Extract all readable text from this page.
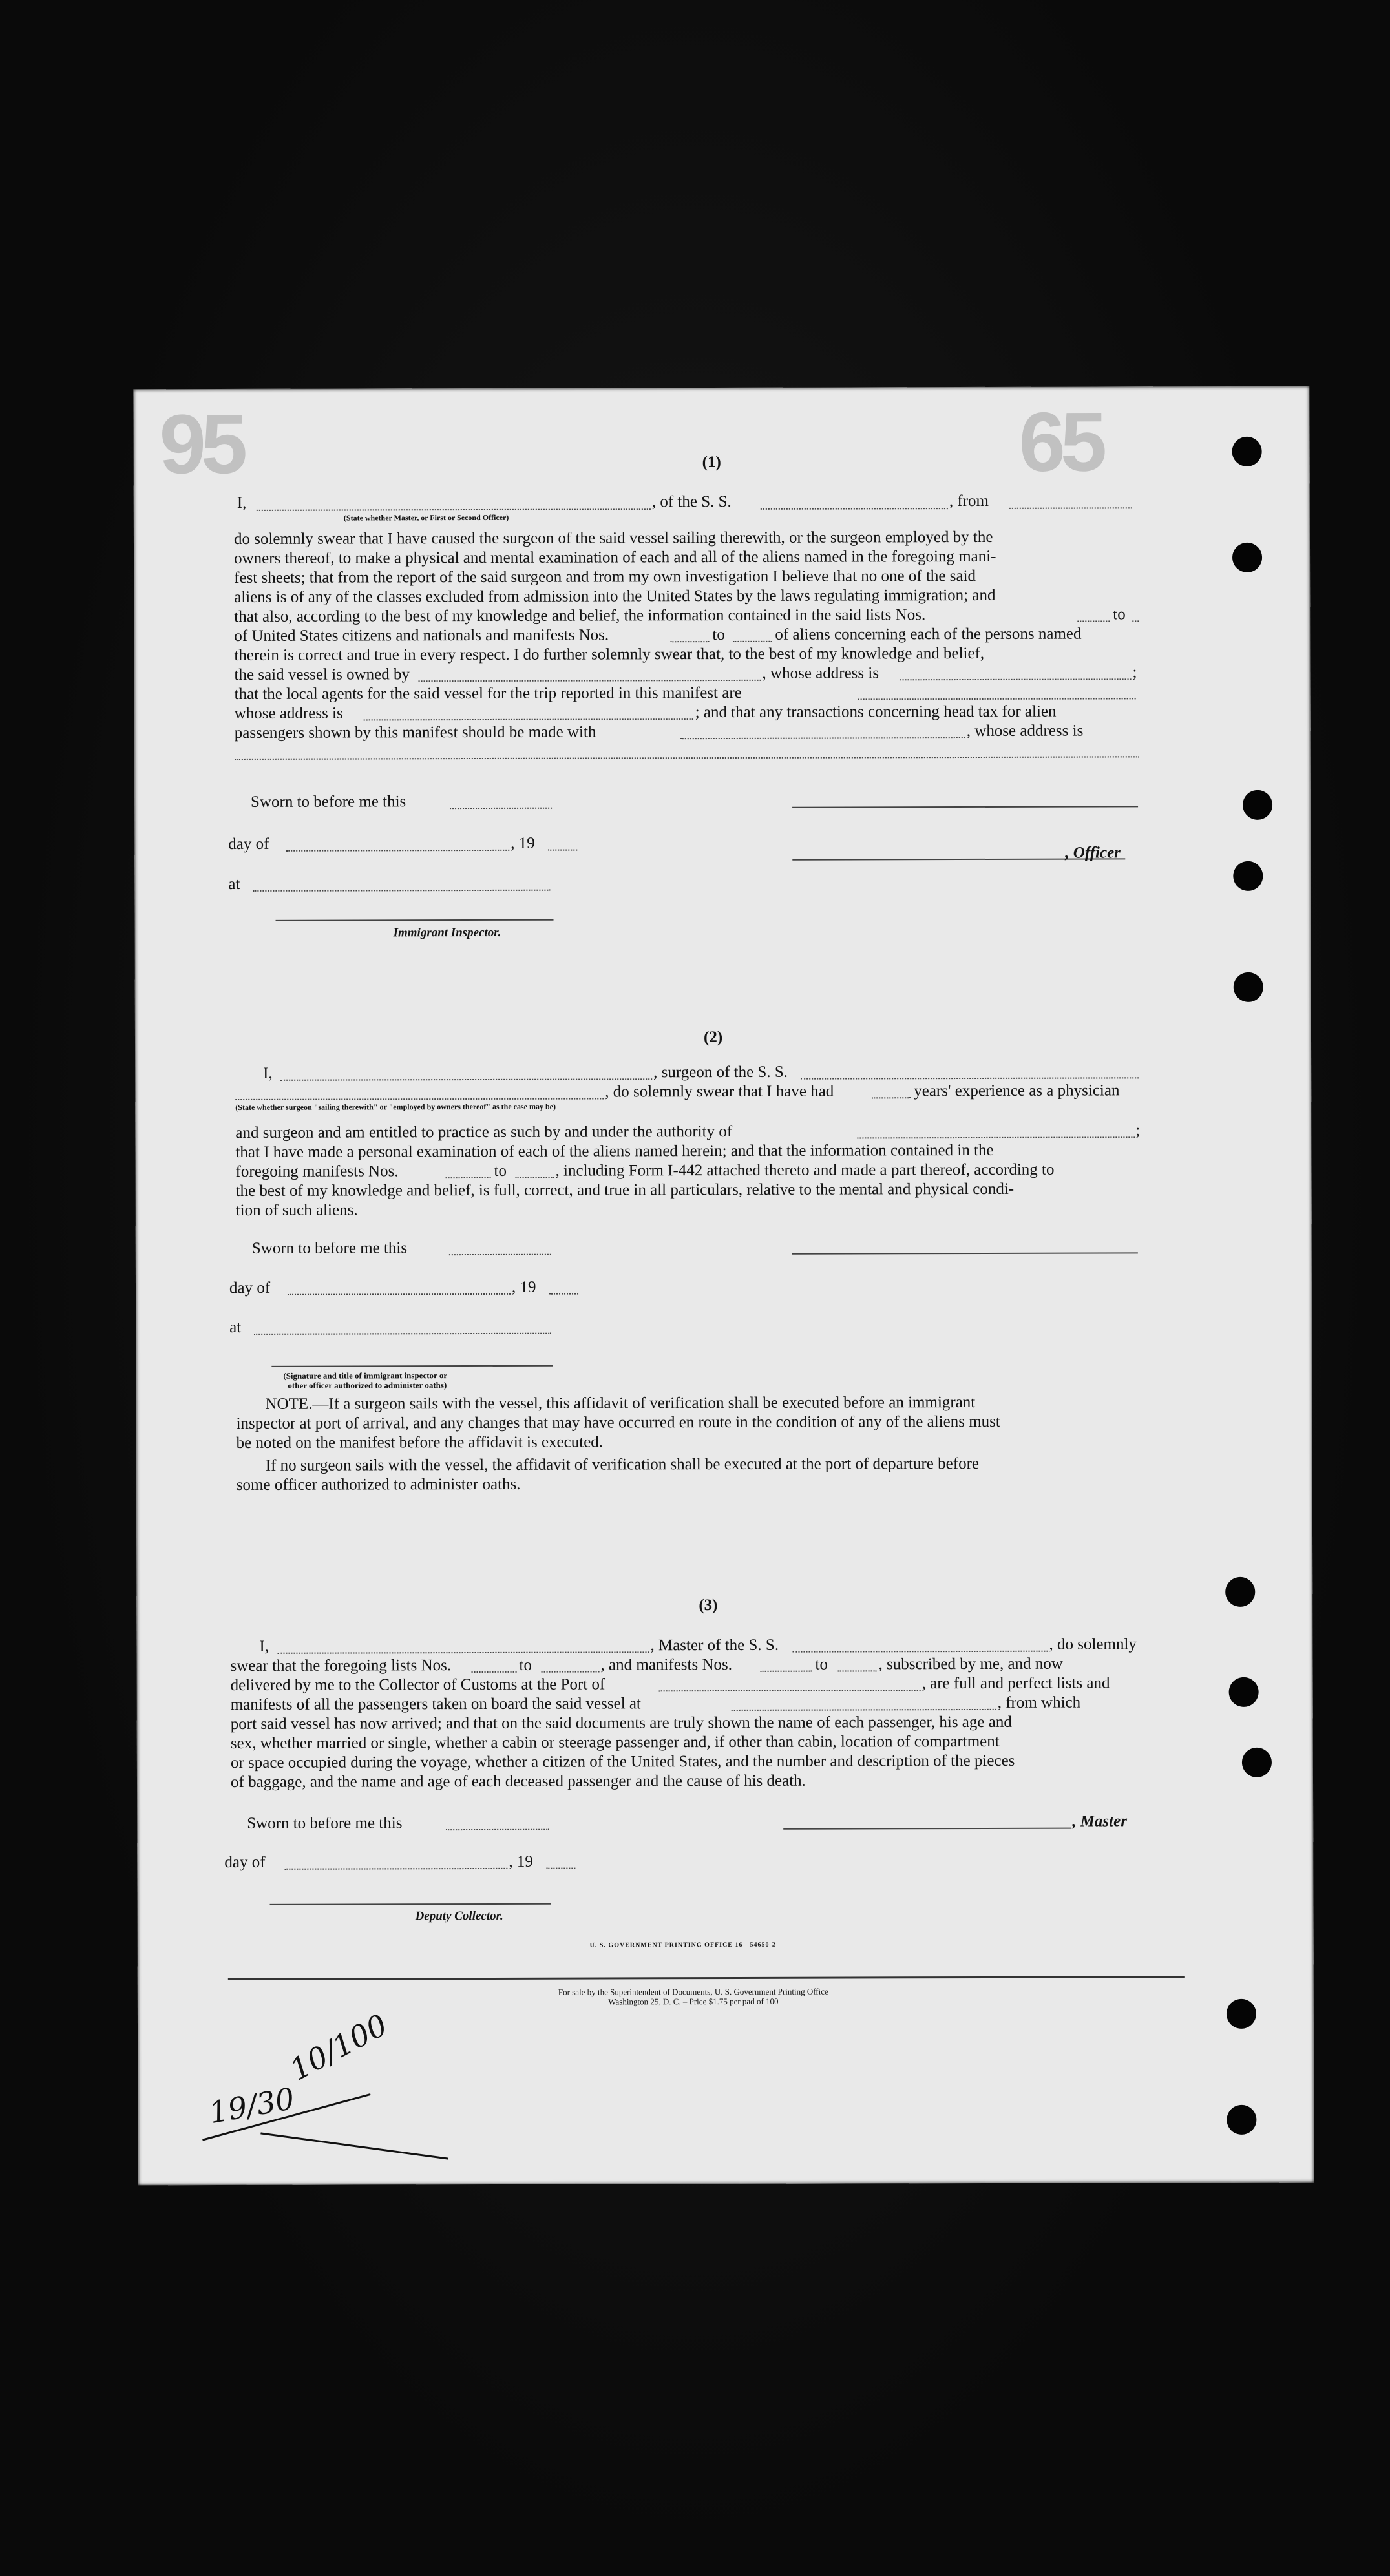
95	65
(1)
I,	, of the S. S.	, from
(State whether Master, or First or Second Officer)
do solemnly swear that I have caused the surgeon of the said vessel sailing therewith, or the surgeon employed by the
owners thereof, to make a physical and mental examination of each and all of the aliens named in the foregoing mani-
fest sheets; that from the report of the said surgeon and from my own investigation I believe that no one of the said
aliens is of any of the classes excluded from admission into the United States by the laws regulating immigration; and
that also, according to the best of my knowledge and belief, the information contained in the said lists Nos.	to
of United States citizens and nationals and manifests Nos.	to	of aliens concerning each of the persons named
therein is correct and true in every respect. I do further solemnly swear that, to the best of my knowledge and belief,
the said vessel is owned by	, whose address is	;
that the local agents for the said vessel for the trip reported in this manifest are
whose address is	; and that any transactions concerning head tax for alien
passengers shown by this manifest should be made with	, whose address is
Sworn to before me this
day of	, 19
, Officer
at
Immigrant Inspector.
(2)
I,	, surgeon of the S. S.
, do solemnly swear that I have had	years' experience as a physician
(State whether surgeon "sailing therewith" or "employed by owners thereof" as the case may be)
and surgeon and am entitled to practice as such by and under the authority of	;
that I have made a personal examination of each of the aliens named herein; and that the information contained in the
foregoing manifests Nos.	to	, including Form I-442 attached thereto and made a part thereof, according to
the best of my knowledge and belief, is full, correct, and true in all particulars, relative to the mental and physical condi-
tion of such aliens.
Sworn to before me this
day of	, 19
at
(Signature and title of immigrant inspector or
other officer authorized to administer oaths)
NOTE.—If a surgeon sails with the vessel, this affidavit of verification shall be executed before an immigrant
inspector at port of arrival, and any changes that may have occurred en route in the condition of any of the aliens must
be noted on the manifest before the affidavit is executed.
If no surgeon sails with the vessel, the affidavit of verification shall be executed at the port of departure before
some officer authorized to administer oaths.
(3)
I,	, Master of the S. S.	, do solemnly
swear that the foregoing lists Nos.	to	, and manifests Nos.	to	, subscribed by me, and now
delivered by me to the Collector of Customs at the Port of	, are full and perfect lists and
manifests of all the passengers taken on board the said vessel at	, from which
port said vessel has now arrived; and that on the said documents are truly shown the name of each passenger, his age and
sex, whether married or single, whether a cabin or steerage passenger and, if other than cabin, location of compartment
or space occupied during the voyage, whether a citizen of the United States, and the number and description of the pieces
of baggage, and the name and age of each deceased passenger and the cause of his death.
Sworn to before me this	, Master
day of	, 19
Deputy Collector.
U. S. GOVERNMENT PRINTING OFFICE 16—54650-2
For sale by the Superintendent of Documents, U. S. Government Printing Office
Washington 25, D. C. – Price $1.75 per pad of 100
10/100
19/30
